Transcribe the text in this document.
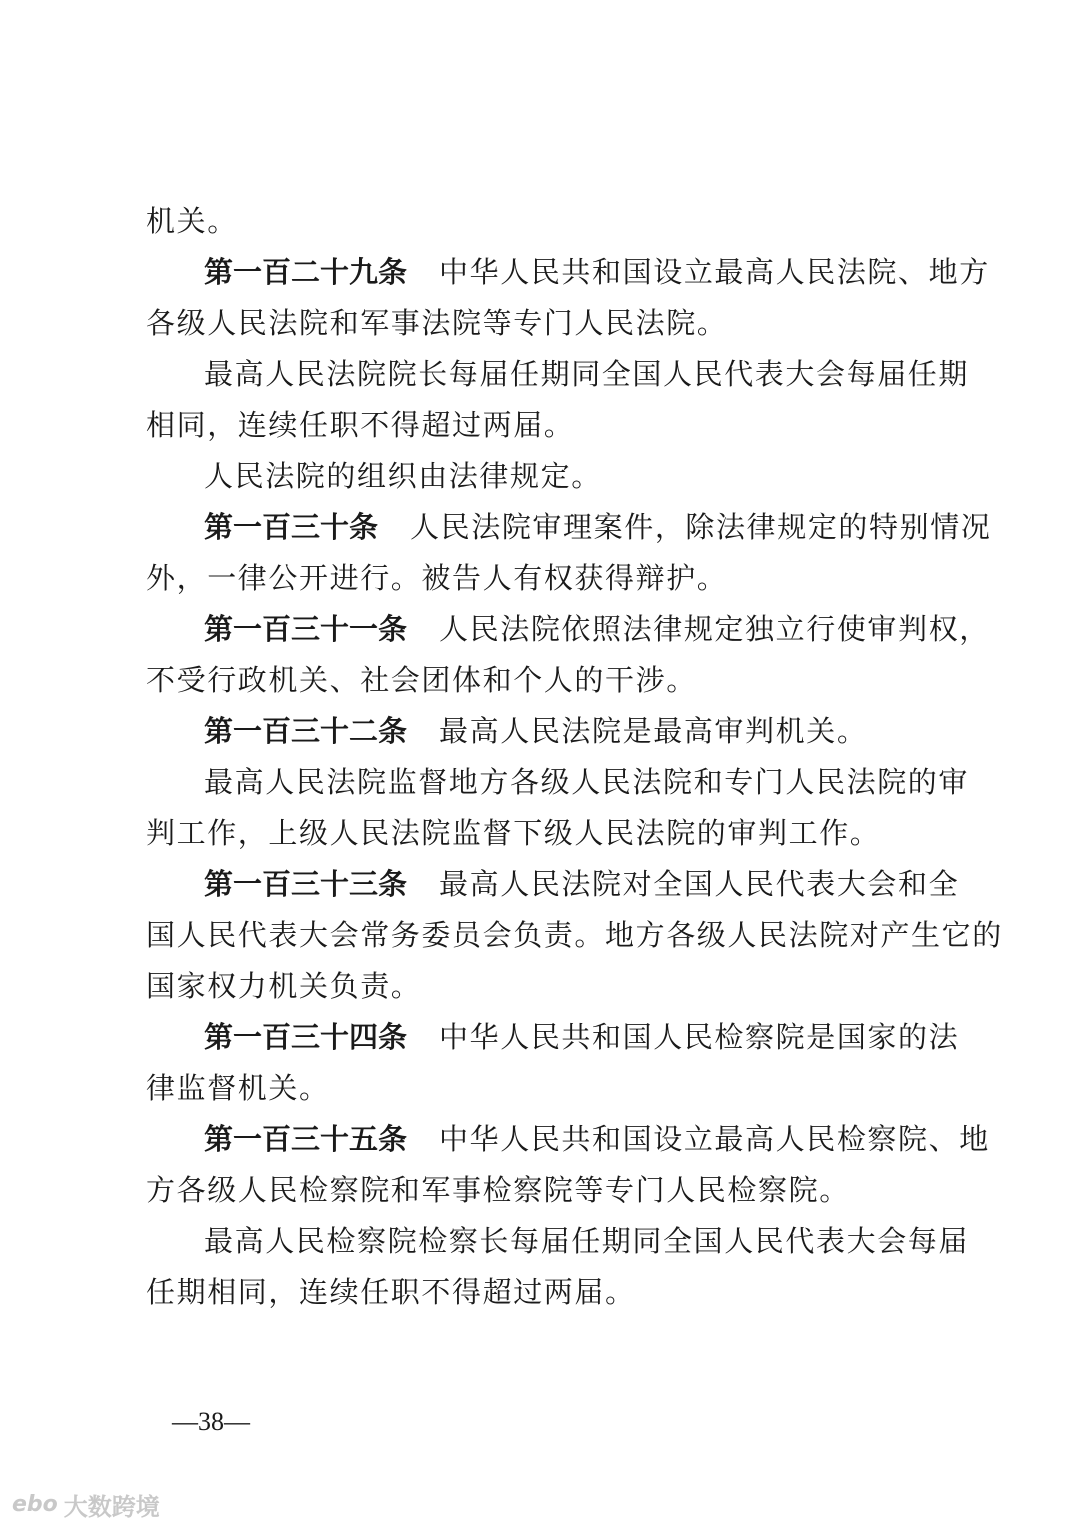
机关。
第一百二十九条 中华人民共和国设立最高人民法院、地方
各级人民法院和军事法院等专门人民法院。
最高人民法院院长每届任期同全国人民代表大会每届任期
相同，连续任职不得超过两届。
人民法院的组织由法律规定。
第一百三十条 人民法院审理案件，除法律规定的特别情况
外，一律公开进行。被告人有权获得辩护。
第一百三十一条 人民法院依照法律规定独立行使审判权，
不受行政机关、社会团体和个人的干涉。
第一百三十二条 最高人民法院是最高审判机关。
最高人民法院监督地方各级人民法院和专门人民法院的审
判工作，上级人民法院监督下级人民法院的审判工作。
第一百三十三条 最高人民法院对全国人民代表大会和全
国人民代表大会常务委员会负责。地方各级人民法院对产生它的
国家权力机关负责。
第一百三十四条 中华人民共和国人民检察院是国家的法
律监督机关。
第一百三十五条 中华人民共和国设立最高人民检察院、地
方各级人民检察院和军事检察院等专门人民检察院。
最高人民检察院检察长每届任期同全国人民代表大会每届
任期相同，连续任职不得超过两届。
—38—
ebo 大数跨境
